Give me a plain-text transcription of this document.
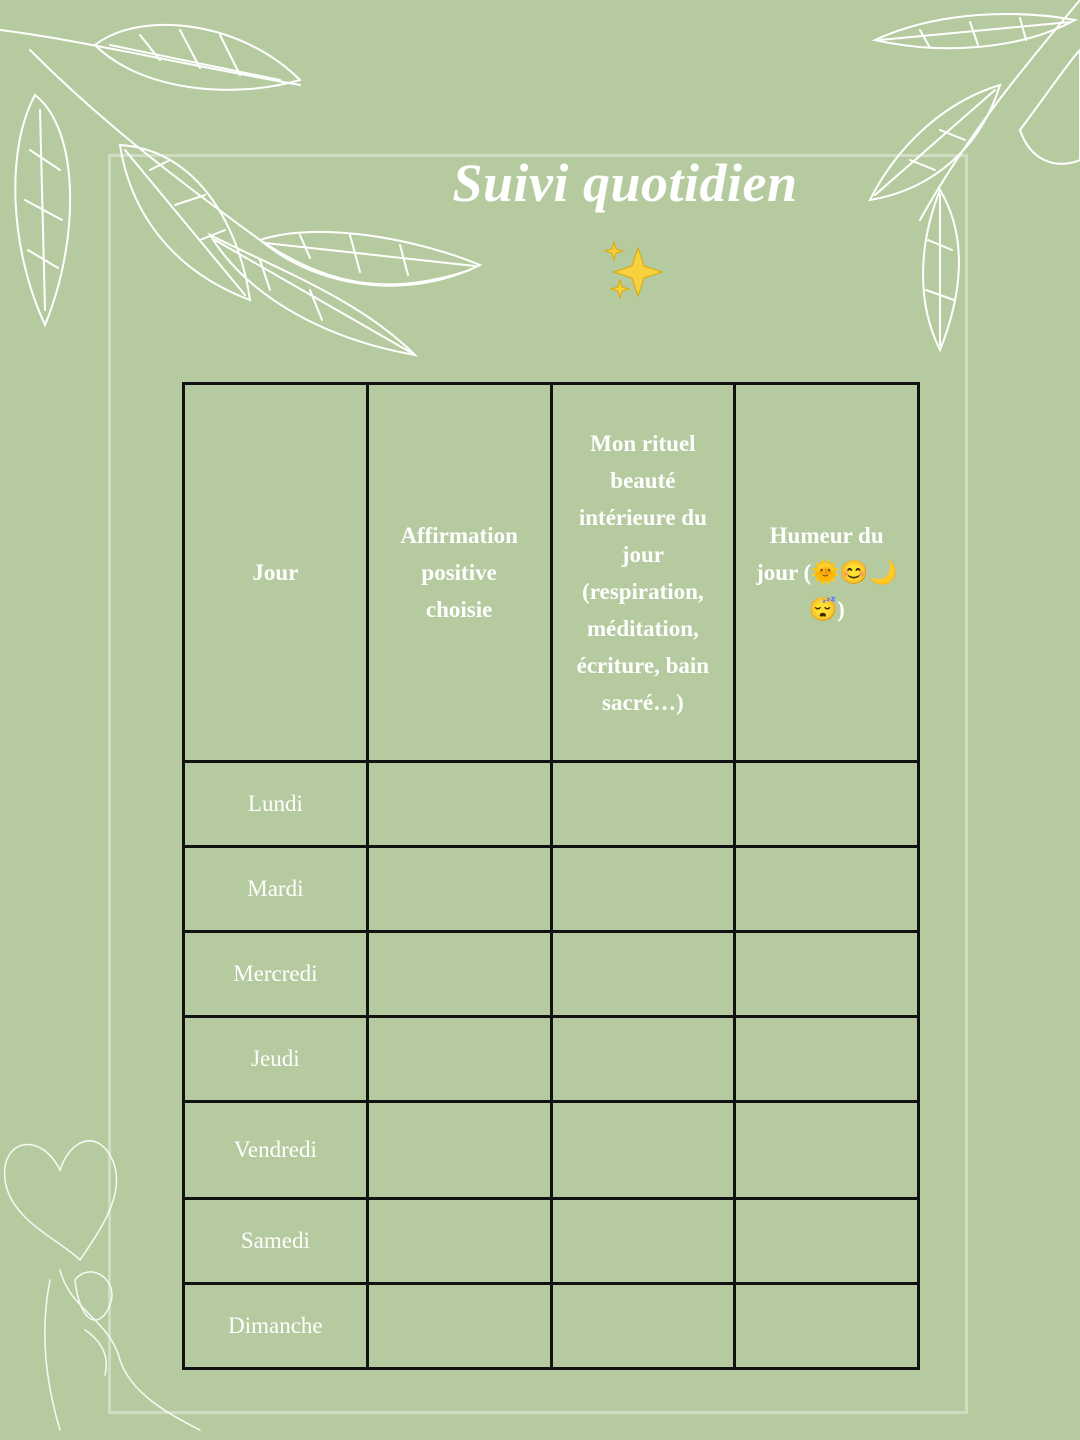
Suivi quotidien
Jour	Affirmation positive choisie	Mon rituel beauté intérieure du jour (respiration, méditation, écriture, bain sacré…)	Humeur du jour (🌞😊🌙😴)
Lundi			
Mardi			
Mercredi			
Jeudi			
Vendredi			
Samedi			
Dimanche			
